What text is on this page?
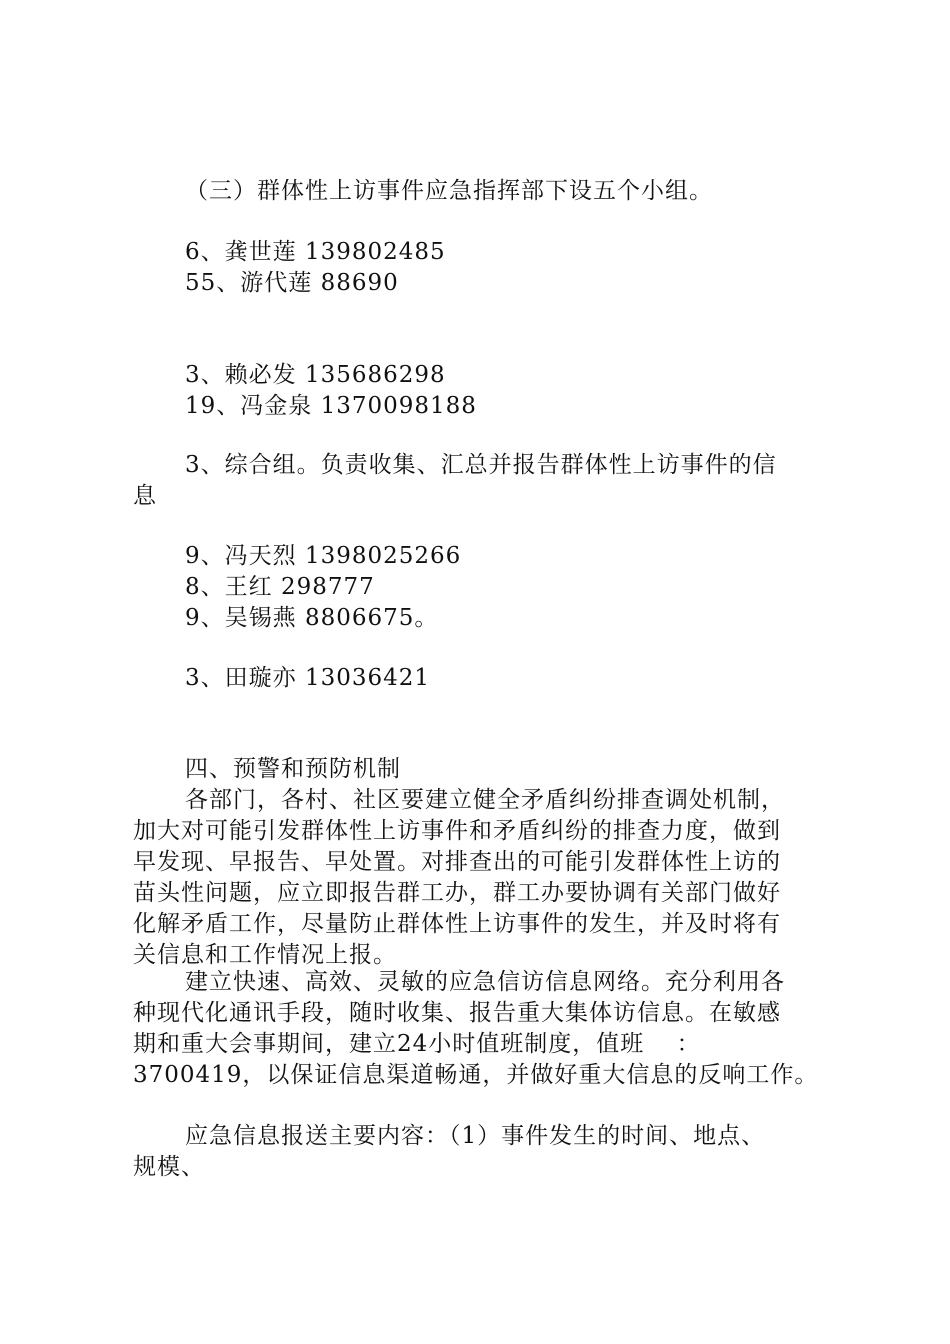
（三）群体性上访事件应急指挥部下设五个小组。
6、龚世莲 139802485
55、游代莲 88690
3、赖必发 135686298
19、冯金泉 1370098188
3、综合组。负责收集、汇总并报告群体性上访事件的信
息
9、冯天烈 1398025266
8、王红 298777
9、吴锡燕 8806675。
3、田璇亦 13036421
四、预警和预防机制
各部门，各村、社区要建立健全矛盾纠纷排查调处机制，
加大对可能引发群体性上访事件和矛盾纠纷的排查力度，做到
早发现、早报告、早处置。对排查出的可能引发群体性上访的
苗头性问题，应立即报告群工办，群工办要协调有关部门做好
化解矛盾工作，尽量防止群体性上访事件的发生，并及时将有
关信息和工作情况上报。
建立快速、高效、灵敏的应急信访信息网络。充分利用各
种现代化通讯手段，随时收集、报告重大集体访信息。在敏感
期和重大会事期间，建立24小时值班制度，值班　 ：
3700419，以保证信息渠道畅通，并做好重大信息的反响工作。
应急信息报送主要内容：（1）事件发生的时间、地点、
规模、
